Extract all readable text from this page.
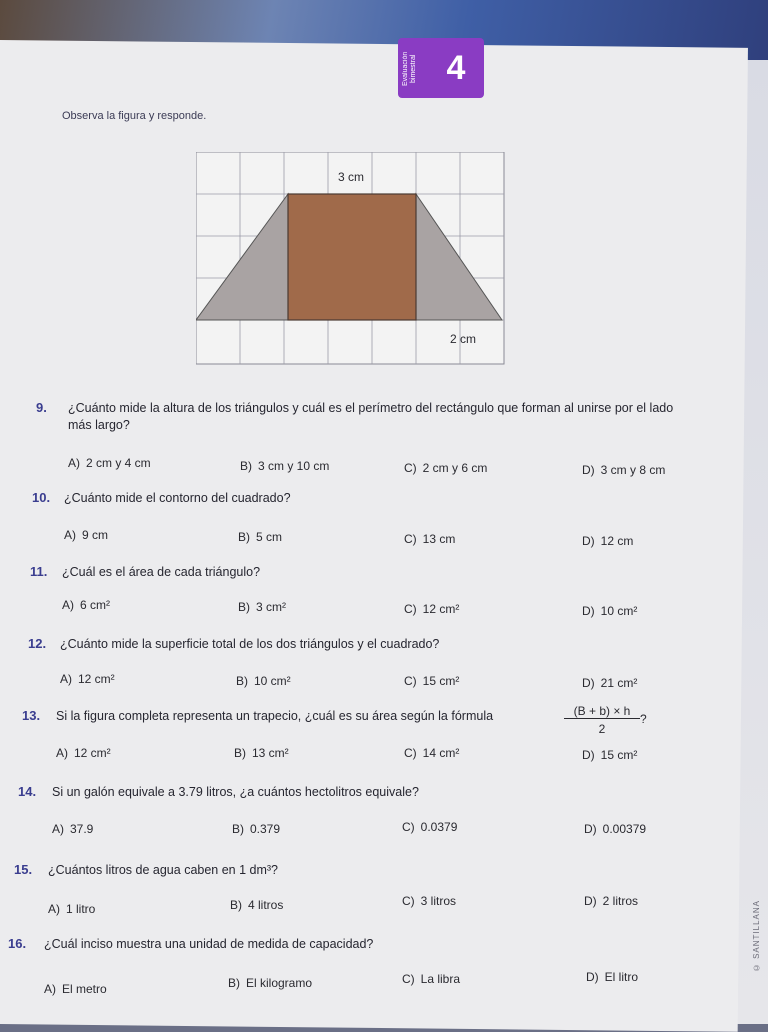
Evaluación bimestral 4
Observa la figura y responde.
3 cm
2 cm
9. ¿Cuánto mide la altura de los triángulos y cuál es el perímetro del rectángulo que forman al unirse por el lado más largo?
A) 2 cm y 4 cm	B) 3 cm y 10 cm	C) 2 cm y 6 cm	D) 3 cm y 8 cm
10. ¿Cuánto mide el contorno del cuadrado?
A) 9 cm	B) 5 cm	C) 13 cm	D) 12 cm
11. ¿Cuál es el área de cada triángulo?
A) 6 cm²	B) 3 cm²	C) 12 cm²	D) 10 cm²
12. ¿Cuánto mide la superficie total de los dos triángulos y el cuadrado?
A) 12 cm²	B) 10 cm²	C) 15 cm²	D) 21 cm²
13. Si la figura completa representa un trapecio, ¿cuál es su área según la fórmula	(B + b) × h
2
?
A) 12 cm²	B) 13 cm²	C) 14 cm²	D) 15 cm²
14. Si un galón equivale a 3.79 litros, ¿a cuántos hectolitros equivale?
A) 37.9	B) 0.379	C) 0.0379	D) 0.00379
15. ¿Cuántos litros de agua caben en 1 dm³?
A) 1 litro	B) 4 litros	C) 3 litros	D) 2 litros
16. ¿Cuál inciso muestra una unidad de medida de capacidad?
A) El metro	B) El kilogramo	C) La libra	D) El litro
© SANTILLANA
